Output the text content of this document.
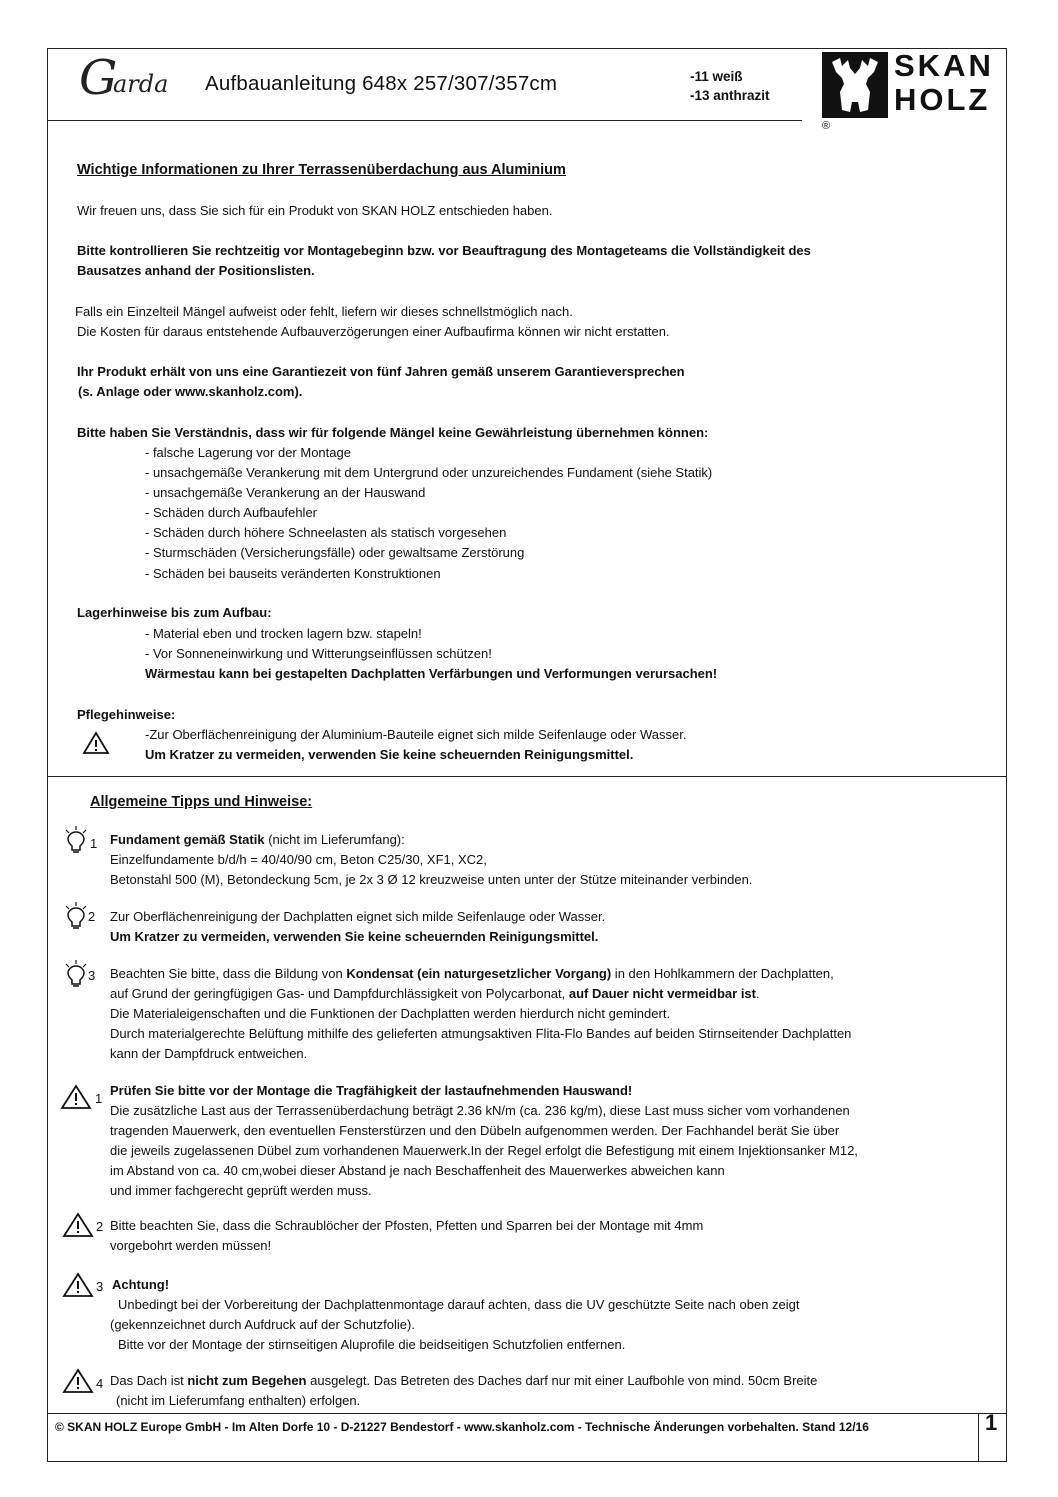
G
arda Aufbauanleitung 648x 257/307/357cm	-11 weiß
-13 anthrazit
SKAN
HOLZ
®
Wichtige Informationen zu Ihrer Terrassenüberdachung aus Aluminium
Wir freuen uns, dass Sie sich für ein Produkt von SKAN HOLZ entschieden haben.
Bitte kontrollieren Sie rechtzeitig vor Montagebeginn bzw. vor Beauftragung des Montageteams die Vollständigkeit des
Bausatzes anhand der Positionslisten.
Falls ein Einzelteil Mängel aufweist oder fehlt, liefern wir dieses schnellstmöglich nach.
Die Kosten für daraus entstehende Aufbauverzögerungen einer Aufbaufirma können wir nicht erstatten.
Ihr Produkt erhält von uns eine Garantiezeit von fünf Jahren gemäß unserem Garantieversprechen
(s. Anlage oder www.skanholz.com).
Bitte haben Sie Verständnis, dass wir für folgende Mängel keine Gewährleistung übernehmen können:
- falsche Lagerung vor der Montage
- unsachgemäße Verankerung mit dem Untergrund oder unzureichendes Fundament (siehe Statik)
- unsachgemäße Verankerung an der Hauswand
- Schäden durch Aufbaufehler
- Schäden durch höhere Schneelasten als statisch vorgesehen
- Sturmschäden (Versicherungsfälle) oder gewaltsame Zerstörung
- Schäden bei bauseits veränderten Konstruktionen
Lagerhinweise bis zum Aufbau:
- Material eben und trocken lagern bzw. stapeln!
- Vor Sonneneinwirkung und Witterungseinflüssen schützen!
Wärmestau kann bei gestapelten Dachplatten Verfärbungen und Verformungen verursachen!
Pflegehinweise:
-Zur Oberflächenreinigung der Aluminium-Bauteile eignet sich milde Seifenlauge oder Wasser.
Um Kratzer zu vermeiden, verwenden Sie keine scheuernden Reinigungsmittel.
Allgemeine Tipps und Hinweise:
1 Fundament gemäß Statik (nicht im Lieferumfang):
Einzelfundamente b/d/h = 40/40/90 cm, Beton C25/30, XF1, XC2,
Betonstahl 500 (M), Betondeckung 5cm, je 2x 3 Ø 12 kreuzweise unten unter der Stütze miteinander verbinden.
2 Zur Oberflächenreinigung der Dachplatten eignet sich milde Seifenlauge oder Wasser.
Um Kratzer zu vermeiden, verwenden Sie keine scheuernden Reinigungsmittel.
3 Beachten Sie bitte, dass die Bildung von Kondensat (ein naturgesetzlicher Vorgang) in den Hohlkammern der Dachplatten,
auf Grund der geringfügigen Gas- und Dampfdurchlässigkeit von Polycarbonat, auf Dauer nicht vermeidbar ist.
Die Materialeigenschaften und die Funktionen der Dachplatten werden hierdurch nicht gemindert.
Durch materialgerechte Belüftung mithilfe des gelieferten atmungsaktiven Flita-Flo Bandes auf beiden Stirnseitender Dachplatten
kann der Dampfdruck entweichen.
1
Prüfen Sie bitte vor der Montage die Tragfähigkeit der lastaufnehmenden Hauswand!
Die zusätzliche Last aus der Terrassenüberdachung beträgt 2.36 kN/m (ca. 236 kg/m), diese Last muss sicher vom vorhandenen
tragenden Mauerwerk, den eventuellen Fensterstürzen und den Dübeln aufgenommen werden. Der Fachhandel berät Sie über
die jeweils zugelassenen Dübel zum vorhandenen Mauerwerk.In der Regel erfolgt die Befestigung mit einem Injektionsanker M12,
im Abstand von ca. 40 cm,wobei dieser Abstand je nach Beschaffenheit des Mauerwerkes abweichen kann
und immer fachgerecht geprüft werden muss.
2 Bitte beachten Sie, dass die Schraublöcher der Pfosten, Pfetten und Sparren bei der Montage mit 4mm
vorgebohrt werden müssen!
3 Achtung!
Unbedingt bei der Vorbereitung der Dachplattenmontage darauf achten, dass die UV geschützte Seite nach oben zeigt
(gekennzeichnet durch Aufdruck auf der Schutzfolie).
Bitte vor der Montage der stirnseitigen Aluprofile die beidseitigen Schutzfolien entfernen.
4 Das Dach ist nicht zum Begehen ausgelegt. Das Betreten des Daches darf nur mit einer Laufbohle von mind. 50cm Breite
(nicht im Lieferumfang enthalten) erfolgen.
© SKAN HOLZ Europe GmbH - Im Alten Dorfe 10 - D-21227 Bendestorf - www.skanholz.com - Technische Änderungen vorbehalten. Stand 12/16	1
